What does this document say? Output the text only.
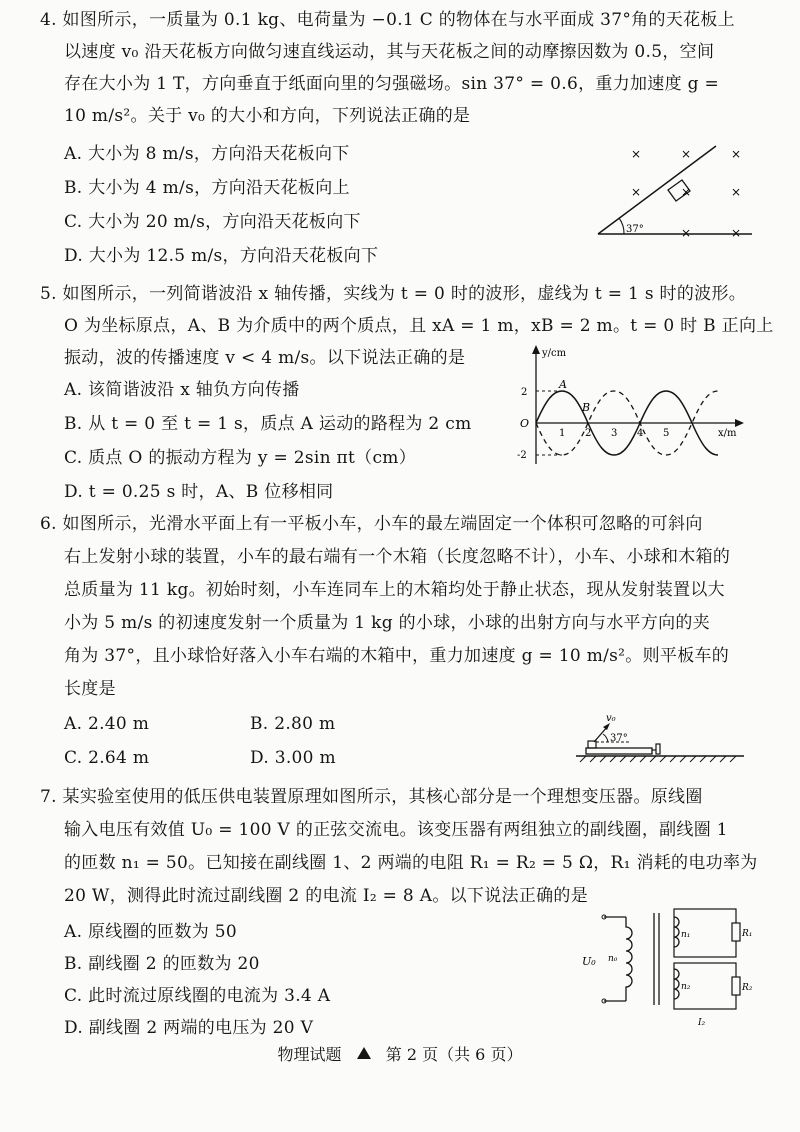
4. 如图所示，一质量为 0.1 kg、电荷量为 −0.1 C 的物体在与水平面成 37°角的天花板上
以速度 v₀ 沿天花板方向做匀速直线运动，其与天花板之间的动摩擦因数为 0.5，空间
存在大小为 1 T，方向垂直于纸面向里的匀强磁场。sin 37° = 0.6，重力加速度 g =
10 m/s²。关于 v₀ 的大小和方向，下列说法正确的是
A. 大小为 8 m/s，方向沿天花板向下
B. 大小为 4 m/s，方向沿天花板向上
C. 大小为 20 m/s，方向沿天花板向下
D. 大小为 12.5 m/s，方向沿天花板向下
37°
×	×	×
×	×	×
×	×
5. 如图所示，一列简谐波沿 x 轴传播，实线为 t = 0 时的波形，虚线为 t = 1 s 时的波形。
O 为坐标原点，A、B 为介质中的两个质点，且 xA = 1 m，xB = 2 m。t = 0 时 B 正向上
振动，波的传播速度 v < 4 m/s。以下说法正确的是
A. 该简谐波沿 x 轴负方向传播
B. 从 t = 0 至 t = 1 s，质点 A 运动的路程为 2 cm
C. 质点 O 的振动方程为 y = 2sin πt（cm）
D. t = 0.25 s 时，A、B 位移相同
y/cm
x/m
O
2
-2
A
B
1 2 3 4 5
6. 如图所示，光滑水平面上有一平板小车，小车的最左端固定一个体积可忽略的可斜向
右上发射小球的装置，小车的最右端有一个木箱（长度忽略不计），小车、小球和木箱的
总质量为 11 kg。初始时刻，小车连同车上的木箱均处于静止状态，现从发射装置以大
小为 5 m/s 的初速度发射一个质量为 1 kg 的小球，小球的出射方向与水平方向的夹
角为 37°，且小球恰好落入小车右端的木箱中，重力加速度 g = 10 m/s²。则平板车的
长度是
A. 2.40 m	B. 2.80 m
C. 2.64 m	D. 3.00 m
37°
v₀
7. 某实验室使用的低压供电装置原理如图所示，其核心部分是一个理想变压器。原线圈
输入电压有效值 U₀ = 100 V 的正弦交流电。该变压器有两组独立的副线圈，副线圈 1
的匝数 n₁ = 50。已知接在副线圈 1、2 两端的电阻 R₁ = R₂ = 5 Ω，R₁ 消耗的电功率为
20 W，测得此时流过副线圈 2 的电流 I₂ = 8 A。以下说法正确的是
A. 原线圈的匝数为 50
B. 副线圈 2 的匝数为 20
C. 此时流过原线圈的电流为 3.4 A
D. 副线圈 2 两端的电压为 20 V
U₀ n₀
n₁	R₁
n₂	R₂
I₂
物理试题	第 2 页（共 6 页）
